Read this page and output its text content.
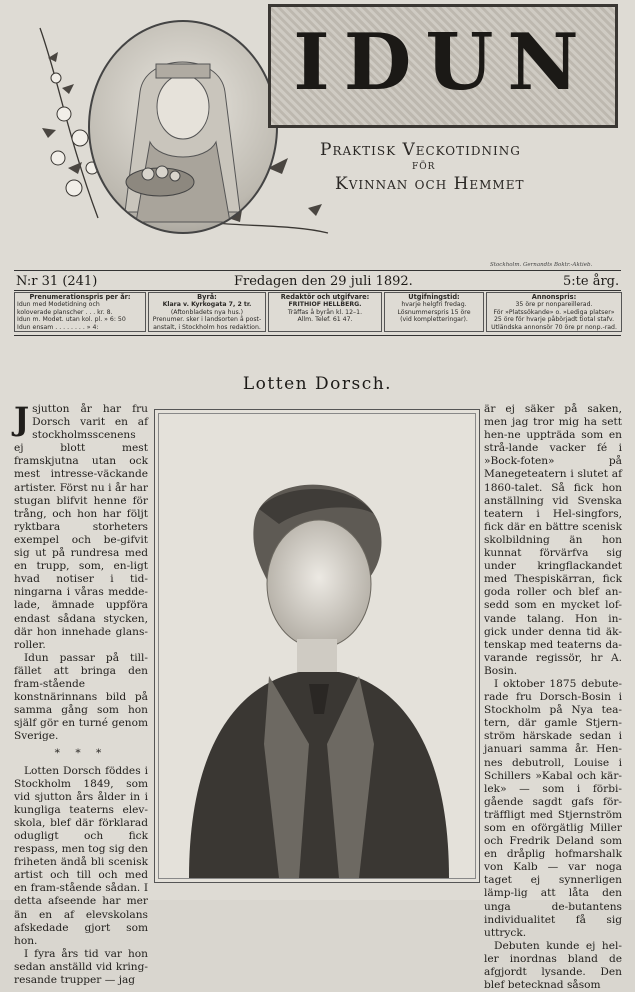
IDUN
Praktisk Veckotidning
FÖR
Kvinnan och Hemmet
Stockholm. Gernandts Boktr.-Aktieb.
N:r 31 (241)	Fredagen den 29 juli 1892.	5:te årg.
Prenumerationspris per år:
Idun med Modetidning och
koloverade planscher . . . kr. 8.
Idun m. Modet. utan kol. pl. » 6: 50
Idun ensam . . . . . . . . » 4:
Byrå:
Klara v. Kyrkogata 7, 2 tr.
(Aftonbladets nya hus.)
Prenumer. sker i landsorten å post-
anstalt, i Stockholm hos redaktion.
Redaktör och utgifvare:
FRITHIOF HELLBERG.
Träffas å byrån kl. 12–1.
Allm. Telef. 61 47.
Utgifningstid:
hvarje helgfri fredag.
Lösnummerspris 15 öre
(vid kompletteringar).
Annonspris:
35 öre pr nonpareillerad.
För »Platssökande» o. »Lediga platser»
25 öre för hvarje påbörjadt tiotal stafv.
Utländska annonsör 70 öre pr nonp.-rad.
Lotten Dorsch.

Jsjutton år har fru Dorsch varit en af stockholmsscenens ej blott mest framskjutna utan ock mest intresse-väckande artister. Först nu i år har stugan blifvit henne för trång, och hon har följt ryktbara storheters exempel och be-gifvit sig ut på rundresa med en trupp, som, en-ligt hvad notiser i tid-ningarna i våras medde-lade, ämnade uppföra endast sådana stycken, där hon innehade glans-roller.

Idun passar på till-fället att bringa den fram-stående konstnärinnans bild på samma gång som hon själf gör en turné genom Sverige.

* * *

Lotten Dorsch föddes i Stockholm 1849, som vid sjutton års ålder in i kungliga teaterns elev-skola, blef där förklarad odugligt och fick respass, men tog sig den friheten ändå bli scenisk artist och till och med en fram-stående sådan. I detta afseende har mer än en af elevskolans afskedade gjort som hon.

I fyra års tid var hon sedan anställd vid kring-resande trupper — jag

är ej säker på saken, men jag tror mig ha sett hen-ne uppträda som en strå-lande vacker fé i »Bock-foten» på Manegeteatern i slutet af 1860-talet. Så fick hon anställning vid Svenska teatern i Hel-singfors, fick där en bättre scenisk skolbildning än hon kunnat förvärfva sig under kringflackandet med Thespiskärran, fick goda roller och blef an-sedd som en mycket lof-vande talang. Hon in-gick under denna tid äk-tenskap med teaterns da-varande regissör, hr A. Bosin.

I oktober 1875 debute-rade fru Dorsch-Bosin i Stockholm på Nya tea-tern, där gamle Stjern-ström härskade sedan i januari samma år. Hen-nes debutroll, Louise i Schillers »Kabal och kär-lek» — som i förbi-gående sagdt gafs för-träffligt med Stjernström som en oförgätlig Miller och Fredrik Deland som en dråplig hofmarshalk von Kalb — var noga taget ej synnerligen lämp-lig att låta den unga de-butantens individualitet få sig uttryck.

Debuten kunde ej hel-ler inordnas bland de afgjordt lysande. Den blef betecknad såsom
